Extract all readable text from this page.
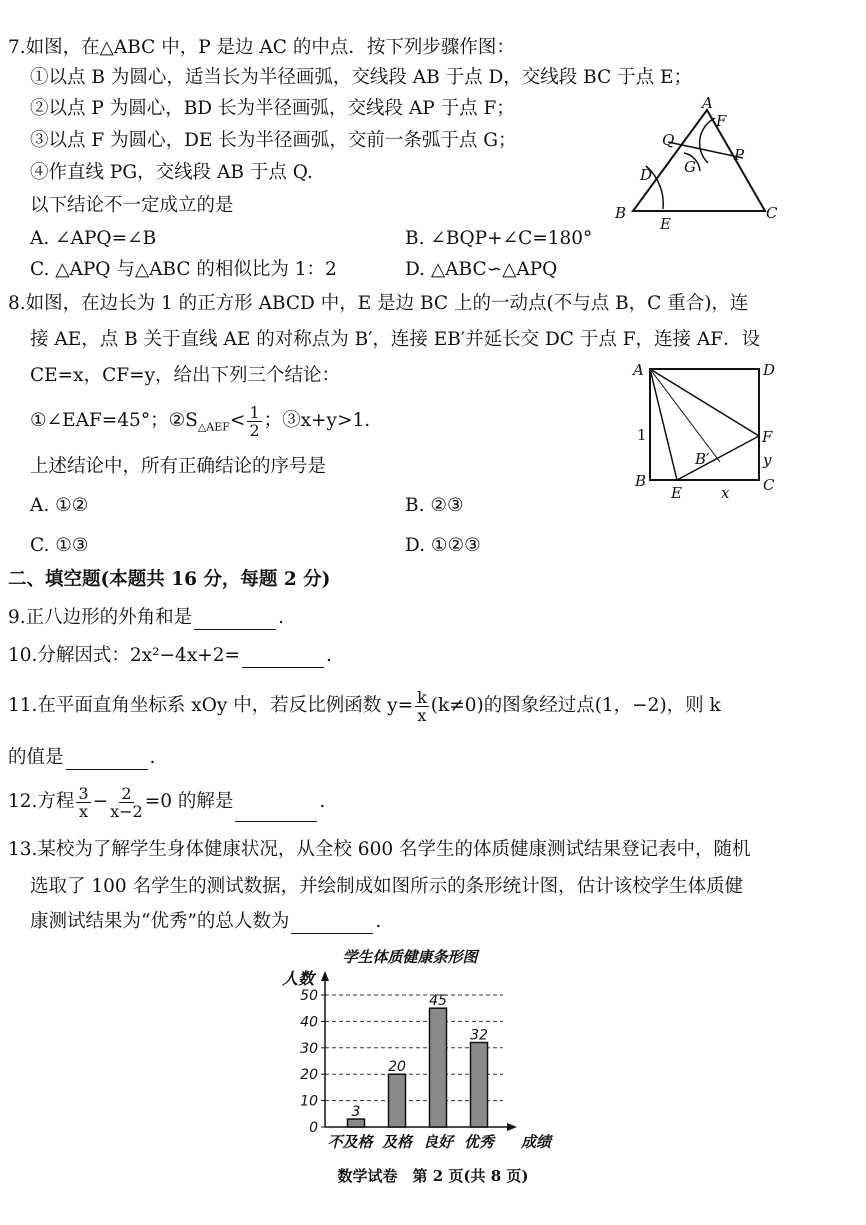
7.如图，在△ABC 中，P 是边 AC 的中点．按下列步骤作图：
①以点 B 为圆心，适当长为半径画弧，交线段 AB 于点 D，交线段 BC 于点 E；
②以点 P 为圆心，BD 长为半径画弧，交线段 AP 于点 F；
③以点 F 为圆心，DE 长为半径画弧，交前一条弧于点 G；
④作直线 PG，交线段 AB 于点 Q.
以下结论不一定成立的是
A. ∠APQ=∠B	B. ∠BQP+∠C=180°
C. △APQ 与△ABC 的相似比为 1：2	D. △ABC∽△APQ
A
F
Q
G
P
D
B
E
C
8.如图，在边长为 1 的正方形 ABCD 中，E 是边 BC 上的一动点(不与点 B，C 重合)，连
接 AE，点 B 关于直线 AE 的对称点为 B′，连接 EB′并延长交 DC 于点 F，连接 AF．设
CE=x，CF=y，给出下列三个结论：
①∠EAF=45°；$②S_{\triangle AEF}< \frac{1}{2}$ ；③x+y>1.
上述结论中，所有正确结论的序号是
A. ①②	B. ②③
C. ①③	D. ①②③
A	D
1	F
B′	y
B
E	x C
二、填空题(本题共 16 分，每题 2 分)
9.正八边形的外角和是	.
10.分解因式：2x²−4x+2=	.
11.在平面直角坐标系 xOy 中，若反比例函数 $y= \frac{k}{x} (k\ne 0)$的图象经过点(1，−2)，则 k
的值是	.
12.方程 $\frac{3}{x} - \frac{2}{x-2} =0$ 的解是	.
13.某校为了解学生身体健康状况，从全校 600 名学生的体质健康测试结果登记表中，随机
选取了 100 名学生的测试数据，并绘制成如图所示的条形统计图，估计该校学生体质健
康测试结果为“优秀”的总人数为	.
学生体质健康条形图
人数
0
10
20
30
40
50
3
不及格
20
及格
45
良好
32
优秀 成绩
数学试卷　第 2 页(共 8 页)
